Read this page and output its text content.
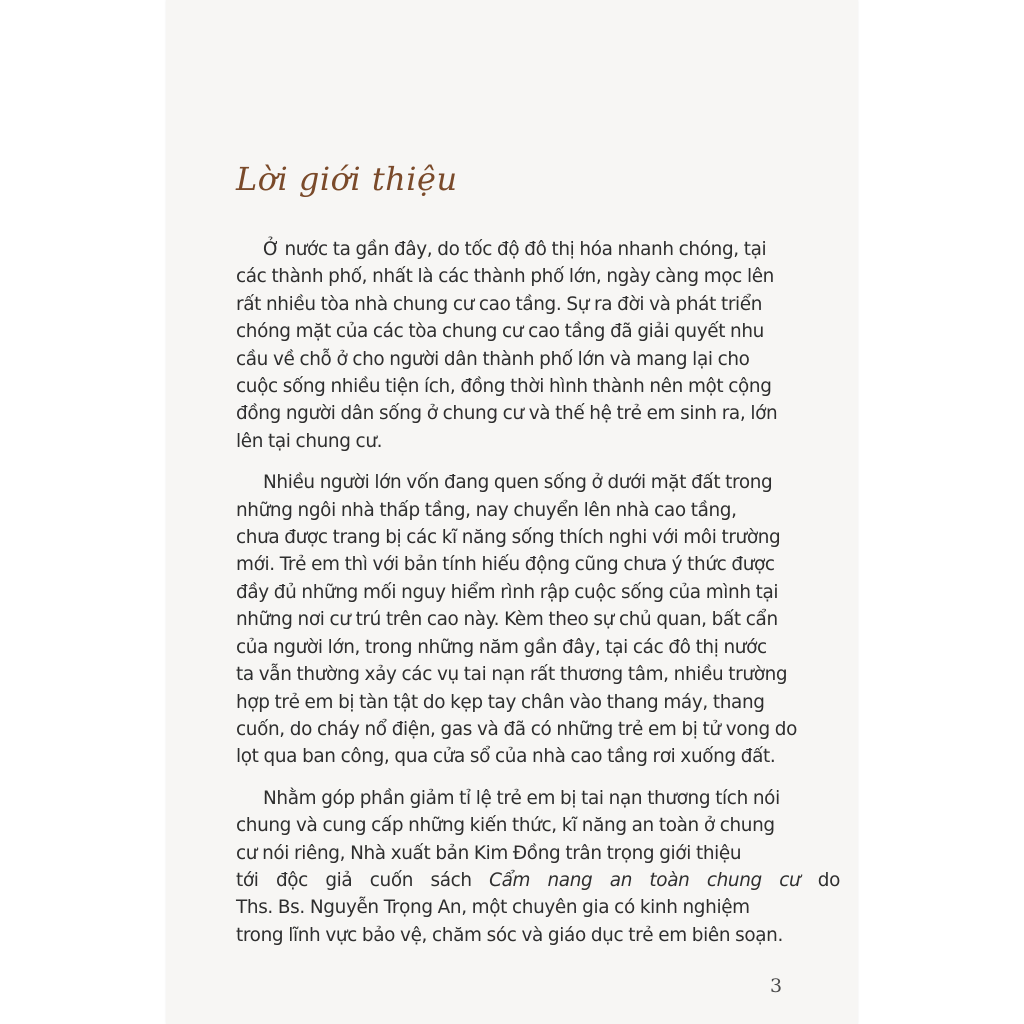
Lời giới thiệu

Ở nước ta gần đây, do tốc độ đô thị hóa nhanh chóng, tại
các thành phố, nhất là các thành phố lớn, ngày càng mọc lên
rất nhiều tòa nhà chung cư cao tầng. Sự ra đời và phát triển
chóng mặt của các tòa chung cư cao tầng đã giải quyết nhu
cầu về chỗ ở cho người dân thành phố lớn và mang lại cho
cuộc sống nhiều tiện ích, đồng thời hình thành nên một cộng
đồng người dân sống ở chung cư và thế hệ trẻ em sinh ra, lớn
lên tại chung cư.

Nhiều người lớn vốn đang quen sống ở dưới mặt đất trong
những ngôi nhà thấp tầng, nay chuyển lên nhà cao tầng,
chưa được trang bị các kĩ năng sống thích nghi với môi trường
mới. Trẻ em thì với bản tính hiếu động cũng chưa ý thức được
đầy đủ những mối nguy hiểm rình rập cuộc sống của mình tại
những nơi cư trú trên cao này. Kèm theo sự chủ quan, bất cẩn
của người lớn, trong những năm gần đây, tại các đô thị nước
ta vẫn thường xảy các vụ tai nạn rất thương tâm, nhiều trường
hợp trẻ em bị tàn tật do kẹp tay chân vào thang máy, thang
cuốn, do cháy nổ điện, gas và đã có những trẻ em bị tử vong do
lọt qua ban công, qua cửa sổ của nhà cao tầng rơi xuống đất.

Nhằm góp phần giảm tỉ lệ trẻ em bị tai nạn thương tích nói
chung và cung cấp những kiến thức, kĩ năng an toàn ở chung
cư nói riêng, Nhà xuất bản Kim Đồng trân trọng giới thiệu
tới độc giả cuốn sách Cẩm nang an toàn chung cư do
Ths. Bs. Nguyễn Trọng An, một chuyên gia có kinh nghiệm
trong lĩnh vực bảo vệ, chăm sóc và giáo dục trẻ em biên soạn.

3
